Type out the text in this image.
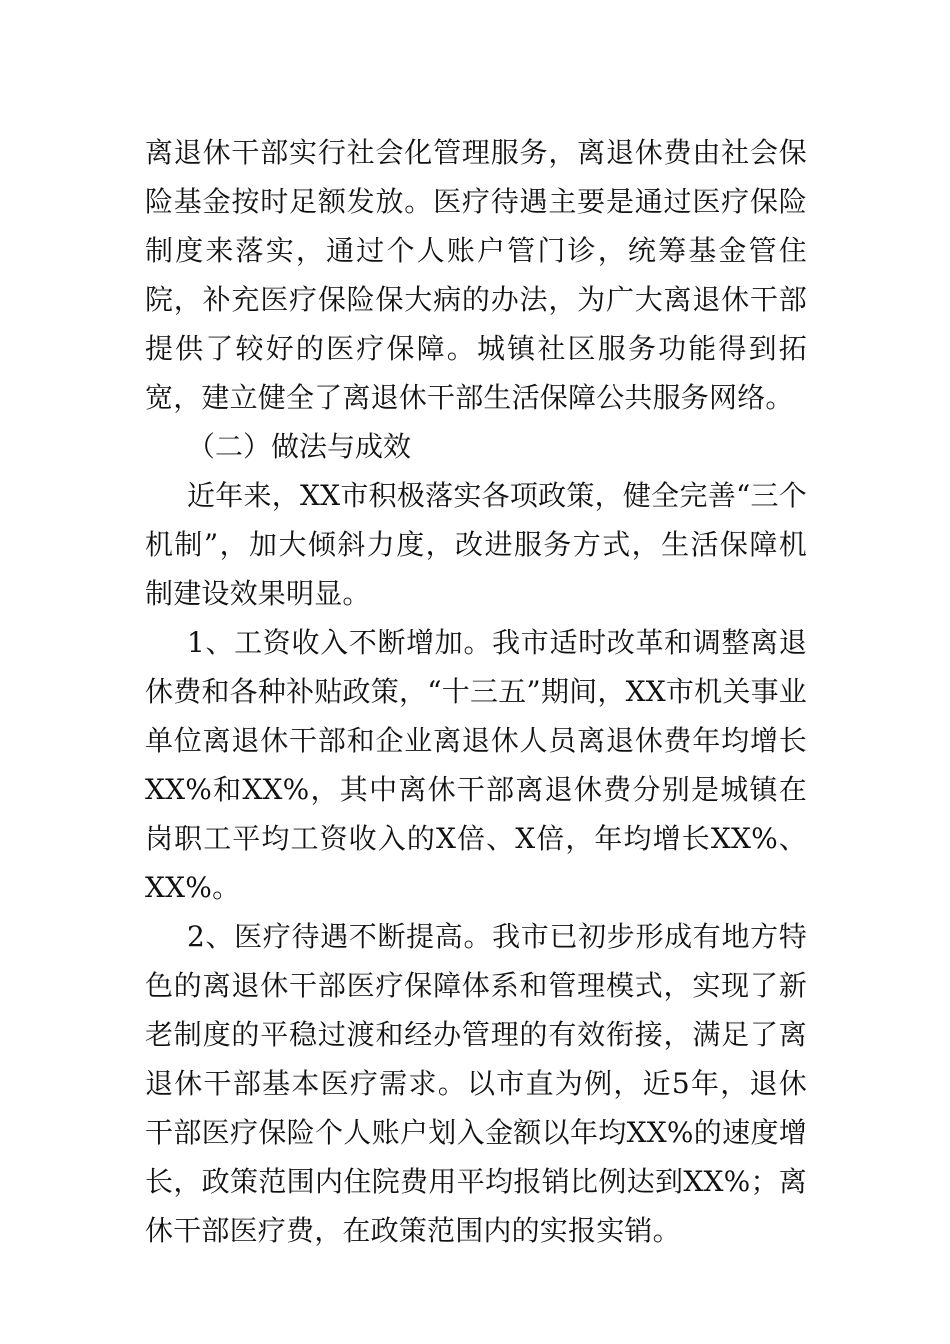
离退休干部实行社会化管理服务，离退休费由社会保险基金按时足额发放。医疗待遇主要是通过医疗保险制度来落实，通过个人账户管门诊，统筹基金管住院，补充医疗保险保大病的办法，为广大离退休干部提供了较好的医疗保障。城镇社区服务功能得到拓宽，建立健全了离退休干部生活保障公共服务网络。

（二）做法与成效

近年来，XX市积极落实各项政策，健全完善“三个机制”，加大倾斜力度，改进服务方式，生活保障机制建设效果明显。

1、工资收入不断增加。我市适时改革和调整离退休费和各种补贴政策，“十三五”期间，XX市机关事业单位离退休干部和企业离退休人员离退休费年均增长XX%和XX%，其中离休干部离退休费分别是城镇在岗职工平均工资收入的X倍、X倍，年均增长XX%、XX%。

2、医疗待遇不断提高。我市已初步形成有地方特色的离退休干部医疗保障体系和管理模式，实现了新老制度的平稳过渡和经办管理的有效衔接，满足了离退休干部基本医疗需求。以市直为例，近5年，退休干部医疗保险个人账户划入金额以年均XX%的速度增长，政策范围内住院费用平均报销比例达到XX%；离休干部医疗费，在政策范围内的实报实销。
